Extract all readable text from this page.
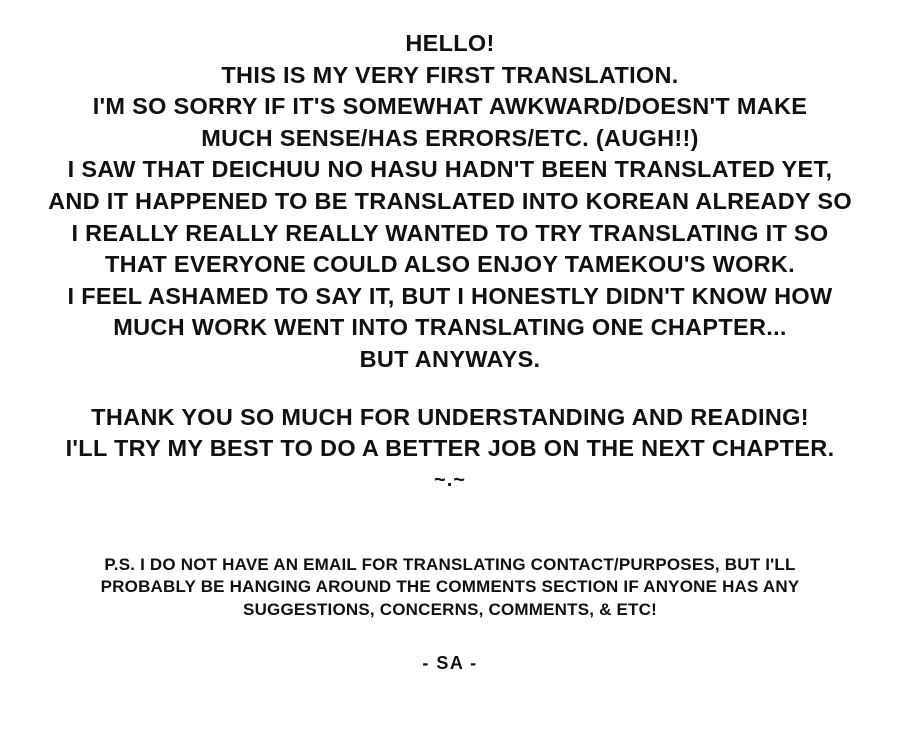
HELLO!
THIS IS MY VERY FIRST TRANSLATION.
I'M SO SORRY IF IT'S SOMEWHAT AWKWARD/DOESN'T MAKE
MUCH SENSE/HAS ERRORS/ETC. (AUGH!!)
I SAW THAT DEICHUU NO HASU HADN'T BEEN TRANSLATED YET,
AND IT HAPPENED TO BE TRANSLATED INTO KOREAN ALREADY SO
I REALLY REALLY REALLY WANTED TO TRY TRANSLATING IT SO
THAT EVERYONE COULD ALSO ENJOY TAMEKOU'S WORK.
I FEEL ASHAMED TO SAY IT, BUT I HONESTLY DIDN'T KNOW HOW
MUCH WORK WENT INTO TRANSLATING ONE CHAPTER...
BUT ANYWAYS.
THANK YOU SO MUCH FOR UNDERSTANDING AND READING!
I'LL TRY MY BEST TO DO A BETTER JOB ON THE NEXT CHAPTER.
~.~
P.S. I DO NOT HAVE AN EMAIL FOR TRANSLATING CONTACT/PURPOSES, BUT I'LL
PROBABLY BE HANGING AROUND THE COMMENTS SECTION IF ANYONE HAS ANY
SUGGESTIONS, CONCERNS, COMMENTS, & ETC!
- SA -
